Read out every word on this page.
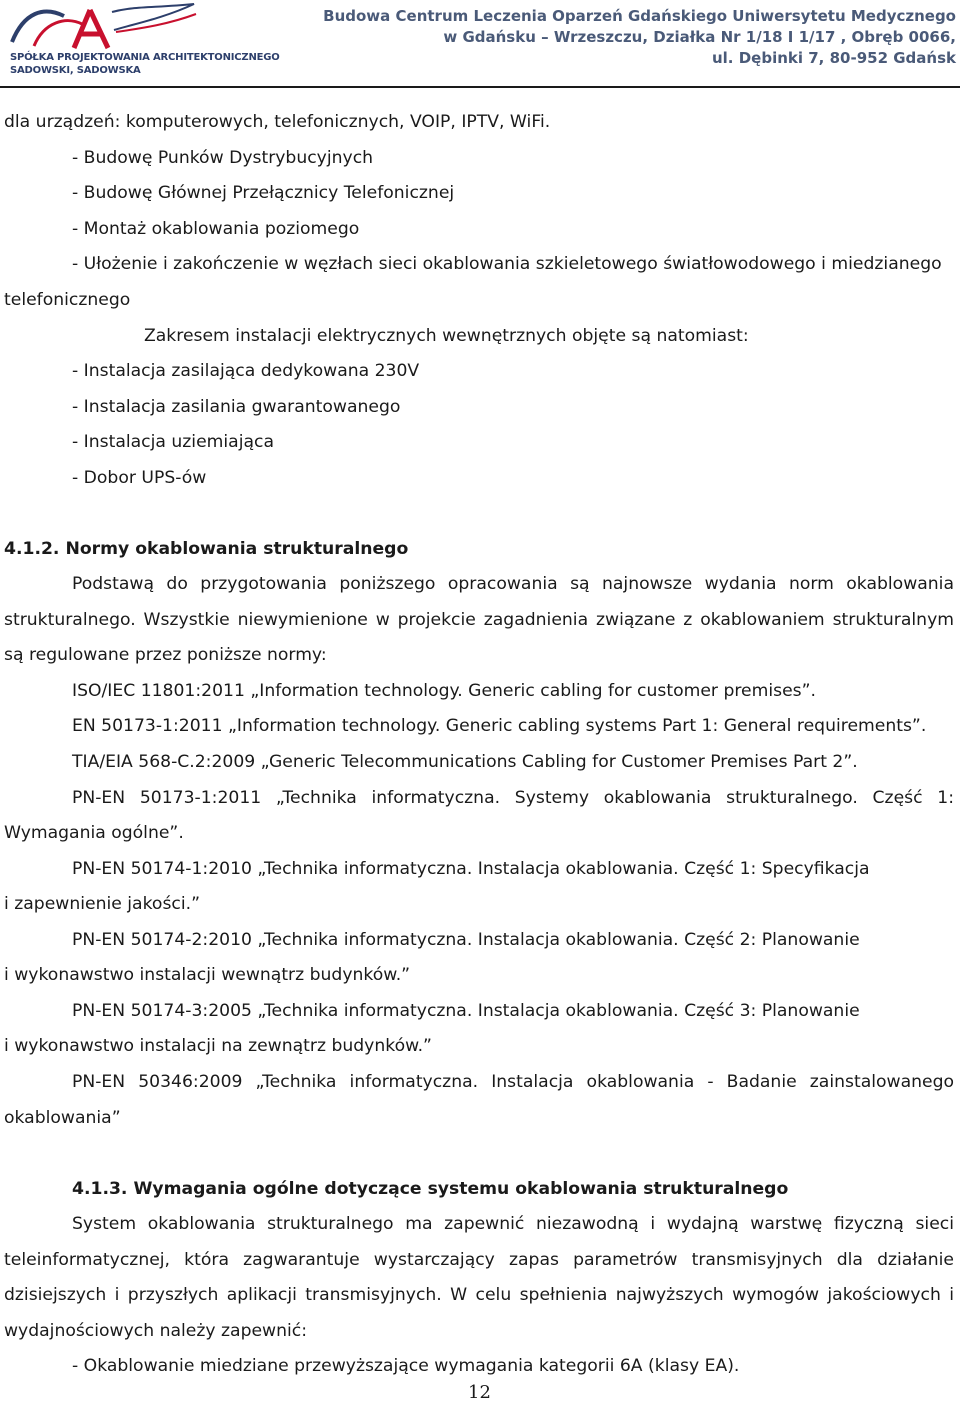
SPÓŁKA PROJEKTOWANIA ARCHITEKTONICZNEGO
SADOWSKI, SADOWSKA
Budowa Centrum Leczenia Oparzeń Gdańskiego Uniwersytetu Medycznego
w Gdańsku – Wrzeszczu, Działka Nr 1/18 I 1/17 , Obręb 0066,
ul. Dębinki 7, 80-952 Gdańsk
dla urządzeń: komputerowych, telefonicznych, VOIP, IPTV, WiFi.
- Budowę Punków Dystrybucyjnych
- Budowę Głównej Przełącznicy Telefonicznej
- Montaż okablowania poziomego
- Ułożenie i zakończenie w węzłach sieci okablowania szkieletowego światłowodowego i miedzianego
telefonicznego
Zakresem instalacji elektrycznych wewnętrznych objęte są natomiast:
- Instalacja zasilająca dedykowana 230V
- Instalacja zasilania gwarantowanego
- Instalacja uziemiająca
- Dobor UPS-ów
4.1.2. Normy okablowania strukturalnego
Podstawą do przygotowania poniższego opracowania są najnowsze wydania norm okablowania
strukturalnego. Wszystkie niewymienione w projekcie zagadnienia związane z okablowaniem strukturalnym
są regulowane przez poniższe normy:
ISO/IEC 11801:2011 „Information technology. Generic cabling for customer premises”.
EN 50173-1:2011 „Information technology. Generic cabling systems Part 1: General requirements”.
TIA/EIA 568-C.2:2009 „Generic Telecommunications Cabling for Customer Premises Part 2”.
PN-EN 50173-1:2011 „Technika informatyczna. Systemy okablowania strukturalnego. Część 1:
Wymagania ogólne”.
PN-EN 50174-1:2010 „Technika informatyczna. Instalacja okablowania. Część 1: Specyfikacja
i zapewnienie jakości.”
PN-EN 50174-2:2010 „Technika informatyczna. Instalacja okablowania. Część 2: Planowanie
i wykonawstwo instalacji wewnątrz budynków.”
PN-EN 50174-3:2005 „Technika informatyczna. Instalacja okablowania. Część 3: Planowanie
i wykonawstwo instalacji na zewnątrz budynków.”
PN-EN 50346:2009 „Technika informatyczna. Instalacja okablowania - Badanie zainstalowanego
okablowania”
4.1.3. Wymagania ogólne dotyczące systemu okablowania strukturalnego
System okablowania strukturalnego ma zapewnić niezawodną i wydajną warstwę fizyczną sieci
teleinformatycznej, która zagwarantuje wystarczający zapas parametrów transmisyjnych dla działanie
dzisiejszych i przyszłych aplikacji transmisyjnych. W celu spełnienia najwyższych wymogów jakościowych i
wydajnościowych należy zapewnić:
- Okablowanie miedziane przewyższające wymagania kategorii 6A (klasy EA).
12
